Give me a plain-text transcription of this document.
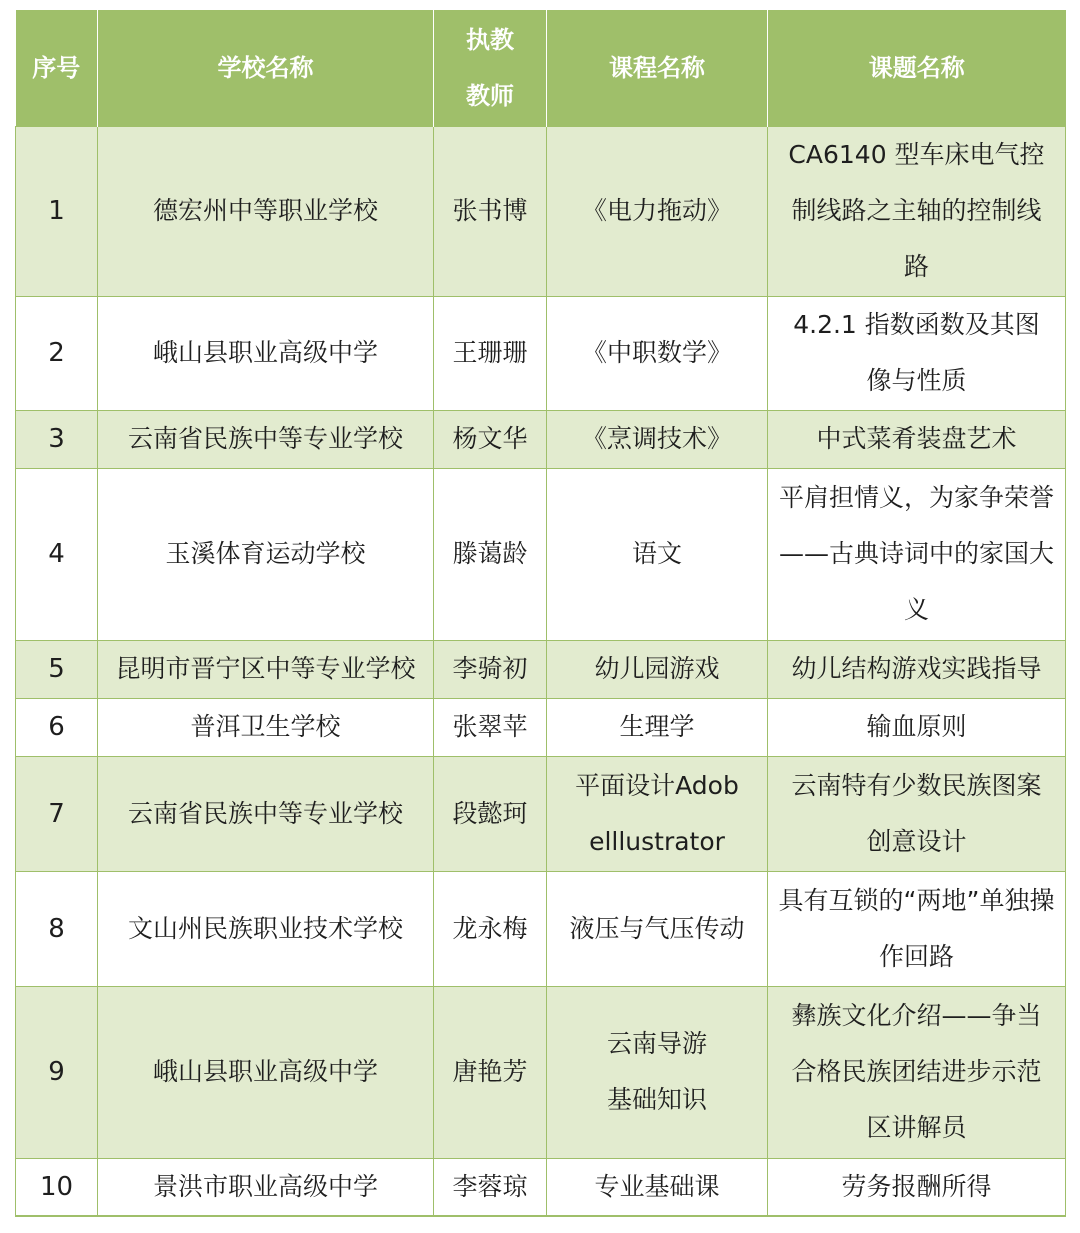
序号	学校名称	执教教师	课程名称	课题名称
1	德宏州中等职业学校	张书博	《电力拖动》	CA6140 型车床电气控制线路之主轴的控制线路
2	峨山县职业高级中学	王珊珊	《中职数学》	4.2.1 指数函数及其图像与性质
3	云南省民族中等专业学校	杨文华	《烹调技术》	中式菜肴装盘艺术
4	玉溪体育运动学校	滕蔼龄	语文	平肩担情义，为家争荣誉——古典诗词中的家国大义
5	昆明市晋宁区中等专业学校	李骑初	幼儿园游戏	幼儿结构游戏实践指导
6	普洱卫生学校	张翠苹	生理学	输血原则
7	云南省民族中等专业学校	段懿珂	平面设计Adobelllustrator	云南特有少数民族图案创意设计
8	文山州民族职业技术学校	龙永梅	液压与气压传动	具有互锁的“两地”单独操作回路
9	峨山县职业高级中学	唐艳芳	云南导游基础知识	彝族文化介绍——争当合格民族团结进步示范区讲解员
10	景洪市职业高级中学	李蓉琼	专业基础课	劳务报酬所得
